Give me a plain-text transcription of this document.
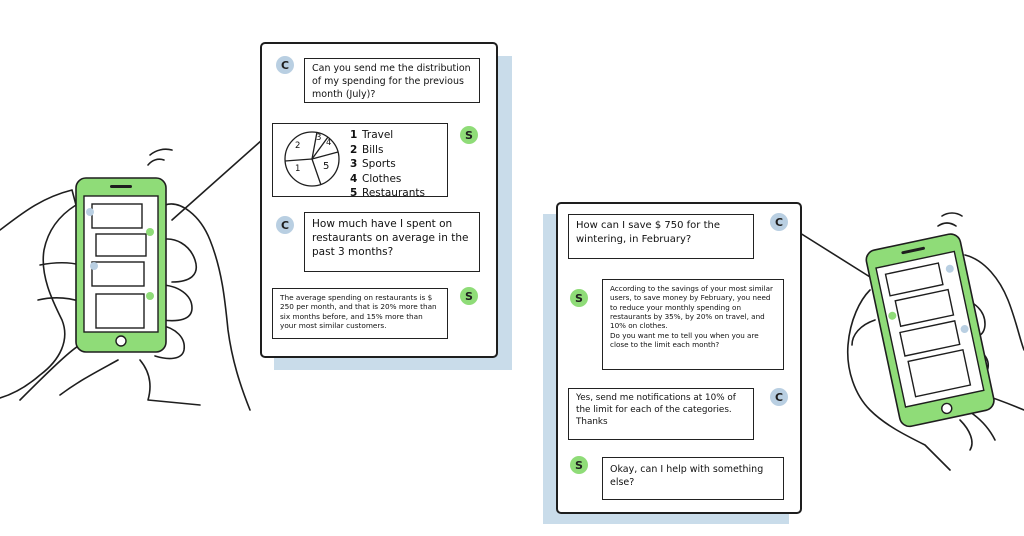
C	Can you send me the distribution of my spending for the previous month (July)?
S
1
2
3 4
5
1 Travel
2 Bills
3 Sports
4 Clothes
5 Restaurants
C	How much have I spent on restaurants on average in the past 3 months?
S
The average spending on restaurants is $ 250 per month, and that is 20% more than six months before, and 15% more than your most similar customers.
C
How can I save $ 750 for the wintering, in February?
S
According to the savings of your most similar users, to save money by February, you need to reduce your monthly spending on restaurants by 35%, by 20% on travel, and 10% on clothes.
Do you want me to tell you when you are close to the limit each month?
C
Yes, send me notifications at 10% of the limit for each of the categories. Thanks
S	Okay, can I help with something else?
